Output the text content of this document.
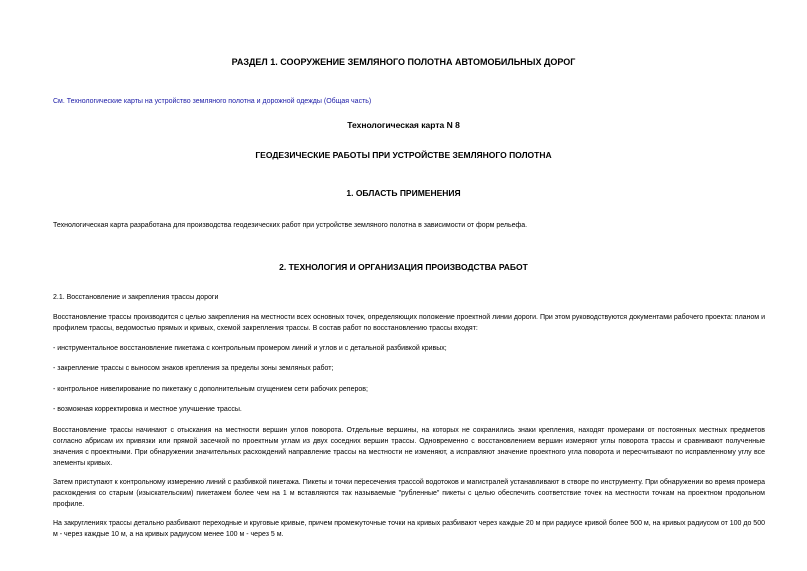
РАЗДЕЛ 1. СООРУЖЕНИЕ ЗЕМЛЯНОГО ПОЛОТНА АВТОМОБИЛЬНЫХ ДОРОГ
См. Технологические карты на устройство земляного полотна и дорожной одежды (Общая часть)
Технологическая карта N 8
ГЕОДЕЗИЧЕСКИЕ РАБОТЫ ПРИ УСТРОЙСТВЕ ЗЕМЛЯНОГО ПОЛОТНА
1. ОБЛАСТЬ ПРИМЕНЕНИЯ
Технологическая карта разработана для производства геодезических работ при устройстве земляного полотна в зависимости от форм рельефа.
2. ТЕХНОЛОГИЯ И ОРГАНИЗАЦИЯ ПРОИЗВОДСТВА РАБОТ
2.1. Восстановление и закрепления трассы дороги
Восстановление трассы производится с целью закрепления на местности всех основных точек, определяющих положение проектной линии дороги. При этом руководствуются документами рабочего проекта: планом и профилем трассы, ведомостью прямых и кривых, схемой закрепления трассы. В состав работ по восстановлению трассы входят:
- инструментальное восстановление пикетажа с контрольным промером линий и углов и с детальной разбивкой кривых;
- закрепление трассы с выносом знаков крепления за пределы зоны земляных работ;
- контрольное нивелирование по пикетажу с дополнительным сгущением сети рабочих реперов;
- возможная корректировка и местное улучшение трассы.
Восстановление трассы начинают с отыскания на местности вершин углов поворота. Отдельные вершины, на которых не сохранились знаки крепления, находят промерами от постоянных местных предметов согласно абрисам их привязки или прямой засечкой по проектным углам из двух соседних вершин трассы. Одновременно с восстановлением вершин измеряют углы поворота трассы и сравнивают полученные значения с проектными. При обнаружении значительных расхождений направление трассы на местности не изменяют, а исправляют значение проектного угла поворота и пересчитывают по исправленному углу все элементы кривых.
Затем приступают к контрольному измерению линий с разбивкой пикетажа. Пикеты и точки пересечения трассой водотоков и магистралей устанавливают в створе по инструменту. При обнаружении во время промера расхождения со старым (изыскательским) пикетажем более чем на 1 м вставляются так называемые "рубленные" пикеты с целью обеспечить соответствие точек на местности точкам на проектном продольном профиле.
На закруглениях трассы детально разбивают переходные и круговые кривые, причем промежуточные точки на кривых разбивают через каждые 20 м при радиусе кривой более 500 м, на кривых радиусом от 100 до 500 м - через каждые 10 м, а на кривых радиусом менее 100 м - через 5 м.
